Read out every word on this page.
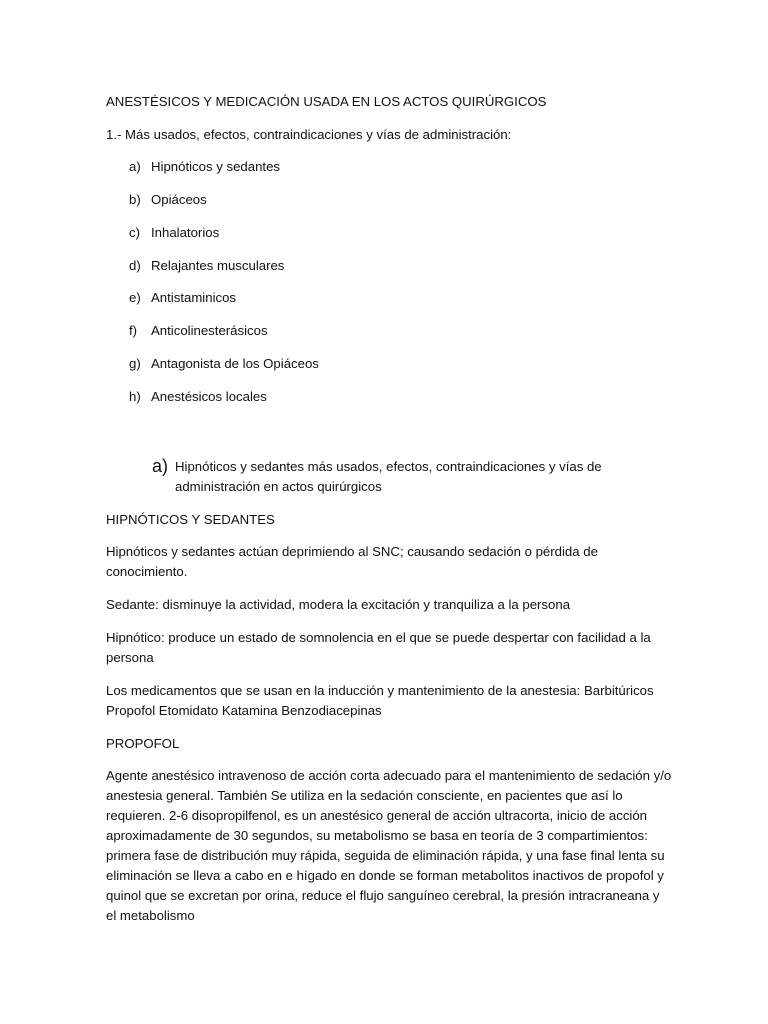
ANESTÉSICOS Y MEDICACIÓN USADA EN LOS ACTOS QUIRÚRGICOS
1.- Más usados, efectos, contraindicaciones y vías de administración:
a) Hipnóticos y sedantes
b) Opiáceos
c) Inhalatorios
d) Relajantes musculares
e) Antistaminicos
f) Anticolinesterásicos
g) Antagonista de los Opiáceos
h) Anestésicos locales
a) Hipnóticos y sedantes más usados, efectos, contraindicaciones y vías de
administración en actos quirúrgicos
HIPNÓTICOS Y SEDANTES
Hipnóticos y sedantes actúan deprimiendo al SNC; causando sedación o pérdida de
conocimiento.
Sedante: disminuye la actividad, modera la excitación y tranquiliza a la persona
Hipnótico: produce un estado de somnolencia en el que se puede despertar con facilidad a la
persona
Los medicamentos que se usan en la inducción y mantenimiento de la anestesia: Barbitúricos
Propofol Etomidato Katamina Benzodiacepinas
PROPOFOL
Agente anestésico intravenoso de acción corta adecuado para el mantenimiento de sedación y/o
anestesia general. También Se utiliza en la sedación consciente, en pacientes que así lo
requieren. 2-6 disopropilfenol, es un anestésico general de acción ultracorta, inicio de acción
aproximadamente de 30 segundos, su metabolismo se basa en teoría de 3 compartimientos:
primera fase de distribución muy rápida, seguida de eliminación rápida, y una fase final lenta su
eliminación se lleva a cabo en e hígado en donde se forman metabolitos inactivos de propofol y
quinol que se excretan por orina, reduce el flujo sanguíneo cerebral, la presión intracraneana y
el metabolismo
